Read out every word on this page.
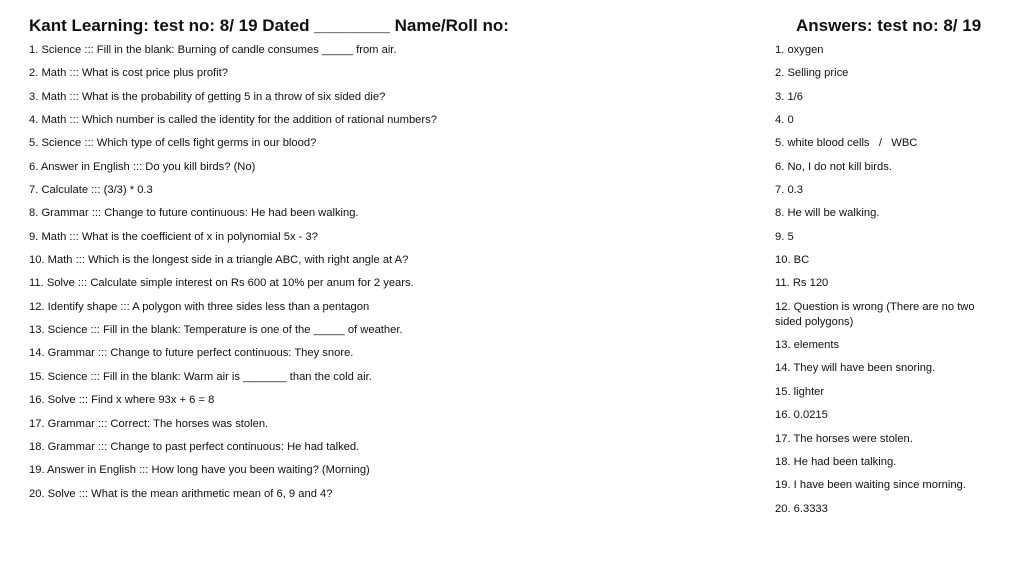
Kant Learning: test no: 8/ 19 Dated ________ Name/Roll no:	Answers: test no: 8/ 19

1. Science ::: Fill in the blank: Burning of candle consumes _____ from air.

2. Math ::: What is cost price plus profit?

3. Math ::: What is the probability of getting 5 in a throw of six sided die?

4. Math ::: Which number is called the identity for the addition of rational numbers?

5. Science ::: Which type of cells fight germs in our blood?

6. Answer in English ::: Do you kill birds? (No)

7. Calculate ::: (3/3) * 0.3

8. Grammar ::: Change to future continuous: He had been walking.

9. Math ::: What is the coefficient of x in polynomial 5x - 3?

10. Math ::: Which is the longest side in a triangle ABC, with right angle at A?

11. Solve ::: Calculate simple interest on Rs 600 at 10% per anum for 2 years.

12. Identify shape ::: A polygon with three sides less than a pentagon

13. Science ::: Fill in the blank: Temperature is one of the _____ of weather.

14. Grammar ::: Change to future perfect continuous: They snore.

15. Science ::: Fill in the blank: Warm air is _______ than the cold air.

16. Solve ::: Find x where 93x + 6 = 8

17. Grammar ::: Correct: The horses was stolen.

18. Grammar ::: Change to past perfect continuous: He had talked.

19. Answer in English ::: How long have you been waiting? (Morning)

20. Solve ::: What is the mean arithmetic mean of 6, 9 and 4?

1. oxygen

2. Selling price

3. 1/6

4. 0

5. white blood cells   /   WBC

6. No, I do not kill birds.

7. 0.3

8. He will be walking.

9. 5

10. BC

11. Rs 120

12. Question is wrong (There are no two sided polygons)

13. elements

14. They will have been snoring.

15. lighter

16. 0.0215

17. The horses were stolen.

18. He had been talking.

19. I have been waiting since morning.

20. 6.3333
